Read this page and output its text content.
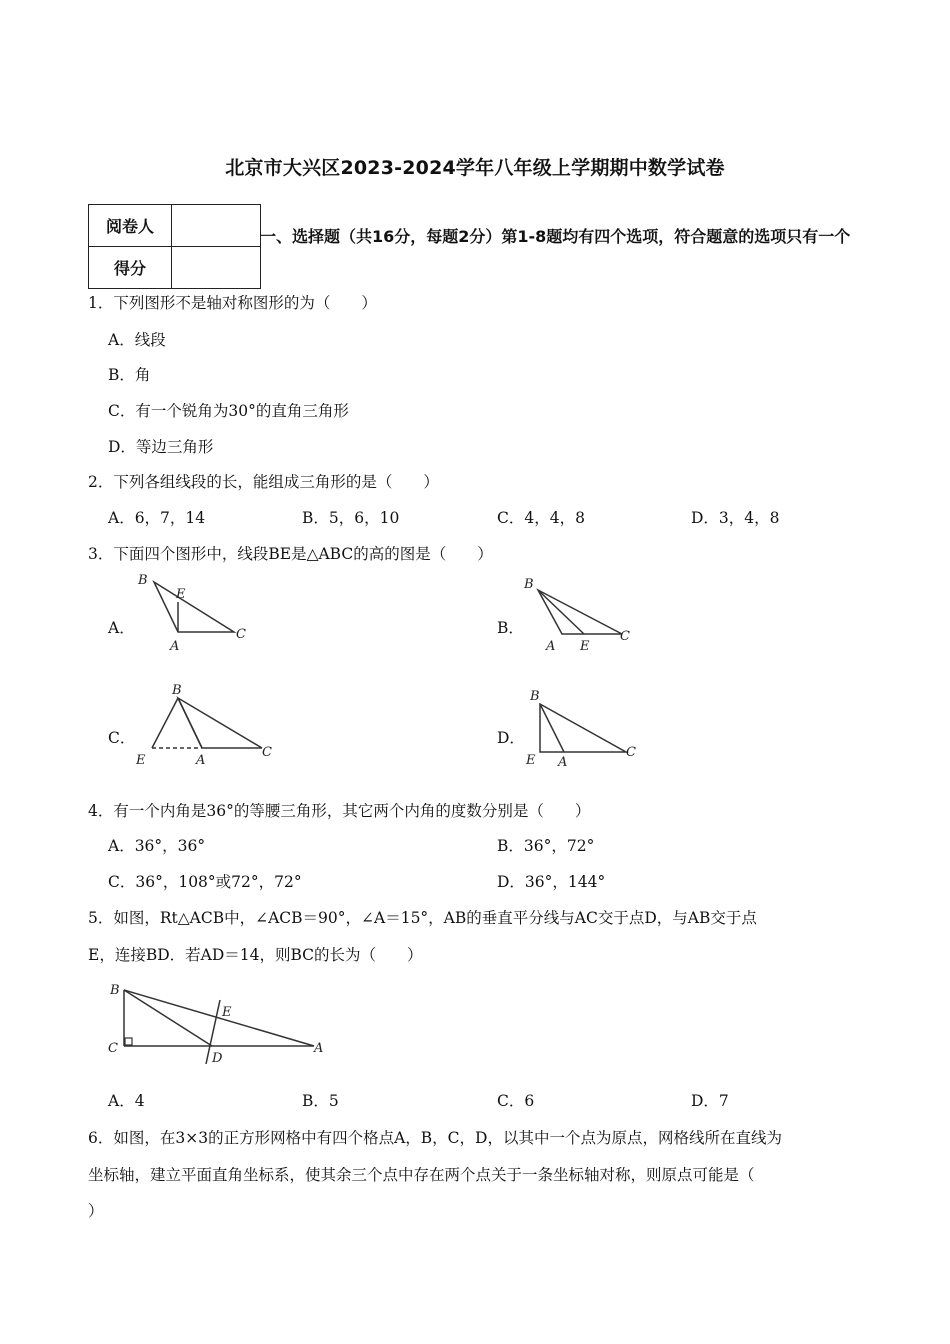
北京市大兴区2023-2024学年八年级上学期期中数学试卷
阅卷人	
得分	
一、选择题（共16分，每题2分）第1-8题均有四个选项，符合题意的选项只有一个
1．下列图形不是轴对称图形的为（　　）
A．线段
B．角
C．有一个锐角为30°的直角三角形
D．等边三角形
2．下列各组线段的长，能组成三角形的是（　　）
A．6，7，14	B．5，6，10	C．4，4，8	D．3，4，8
3．下面四个图形中，线段BE是△ABC的高的图是（　　）
A．
B
E
A
C	B．
B
A E
C
C．
B
E	A
C
D．
B
E A
C
4．有一个内角是36°的等腰三角形，其它两个内角的度数分别是（　　）
A．36°，36°	B．36°，72°
C．36°，108°或72°，72°	D．36°，144°
5．如图，Rt△ACB中，∠ACB＝90°，∠A＝15°，AB的垂直平分线与AC交于点D，与AB交于点
E，连接BD．若AD＝14，则BC的长为（　　）
B
C
D
E
A
A．4	B．5	C．6	D．7
6．如图，在3×3的正方形网格中有四个格点A，B，C，D，以其中一个点为原点，网格线所在直线为
坐标轴，建立平面直角坐标系，使其余三个点中存在两个点关于一条坐标轴对称，则原点可能是（
）
